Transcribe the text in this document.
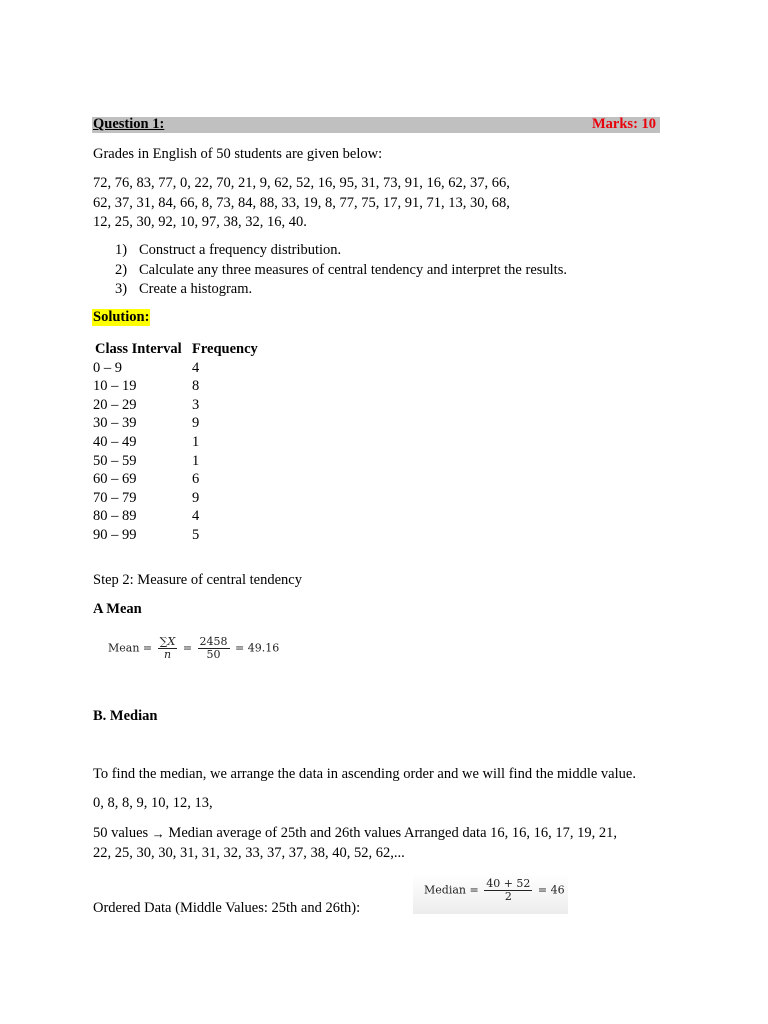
Question 1:	Marks: 10
Grades in English of 50 students are given below:
72, 76, 83, 77, 0, 22, 70, 21, 9, 62, 52, 16, 95, 31, 73, 91, 16, 62, 37, 66,
62, 37, 31, 84, 66, 8, 73, 84, 88, 33, 19, 8, 77, 75, 17, 91, 71, 13, 30, 68,
12, 25, 30, 92, 10, 97, 38, 32, 16, 40.
1) Construct a frequency distribution.
2) Calculate any three measures of central tendency and interpret the results.
3) Create a histogram.
Solution:
Class Interval	Frequency
0 – 9	4
10 – 19	8
20 – 29	3
30 – 39	9
40 – 49	1
50 – 59	1
60 – 69	6
70 – 79	9
80 – 89	4
90 – 99	5
Step 2: Measure of central tendency
A Mean
Mean = $\frac{\sum X}{n} = \frac{2458}{50} = 49.16$
B. Median
To find the median, we arrange the data in ascending order and we will find the middle value.
0, 8, 8, 9, 10, 12, 13,
50 values → Median average of 25th and 26th values Arranged data 16, 16, 16, 17, 19, 21,
22, 25, 30, 30, 31, 31, 32, 33, 37, 37, 38, 40, 52, 62,...
Median = $\frac{40 + 52}{2} = 46$
Ordered Data (Middle Values: 25th and 26th):
